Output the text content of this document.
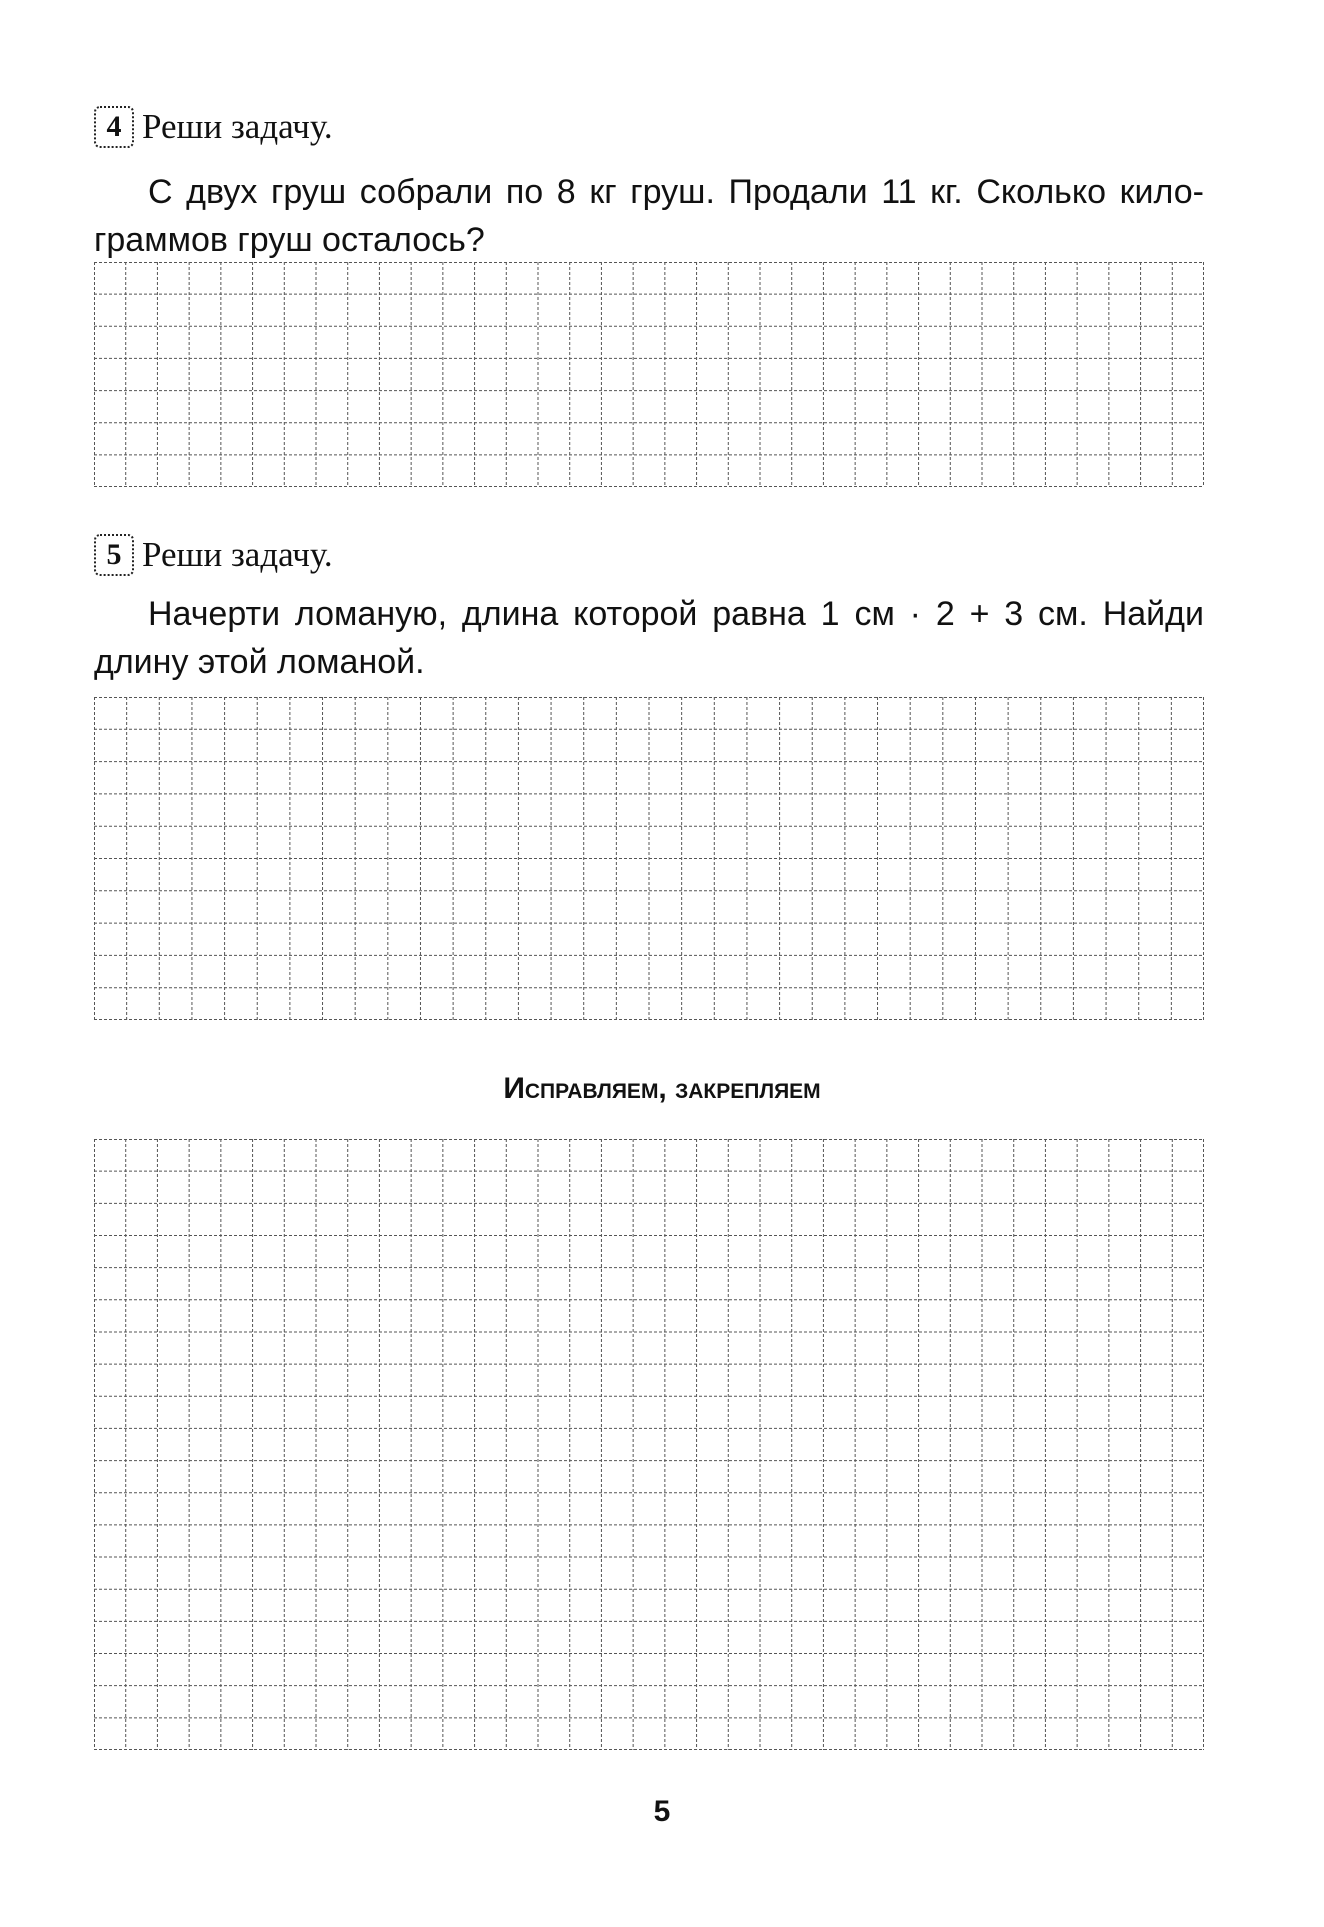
4 Реши задачу.

С двух груш собрали по 8 кг груш. Продали 11 кг. Сколько килограммов груш осталось?

5 Реши задачу.

Начерти ломаную, длина которой равна 1 см · 2 + 3 см. Найди длину этой ломаной.

Исправляем, закрепляем
5
